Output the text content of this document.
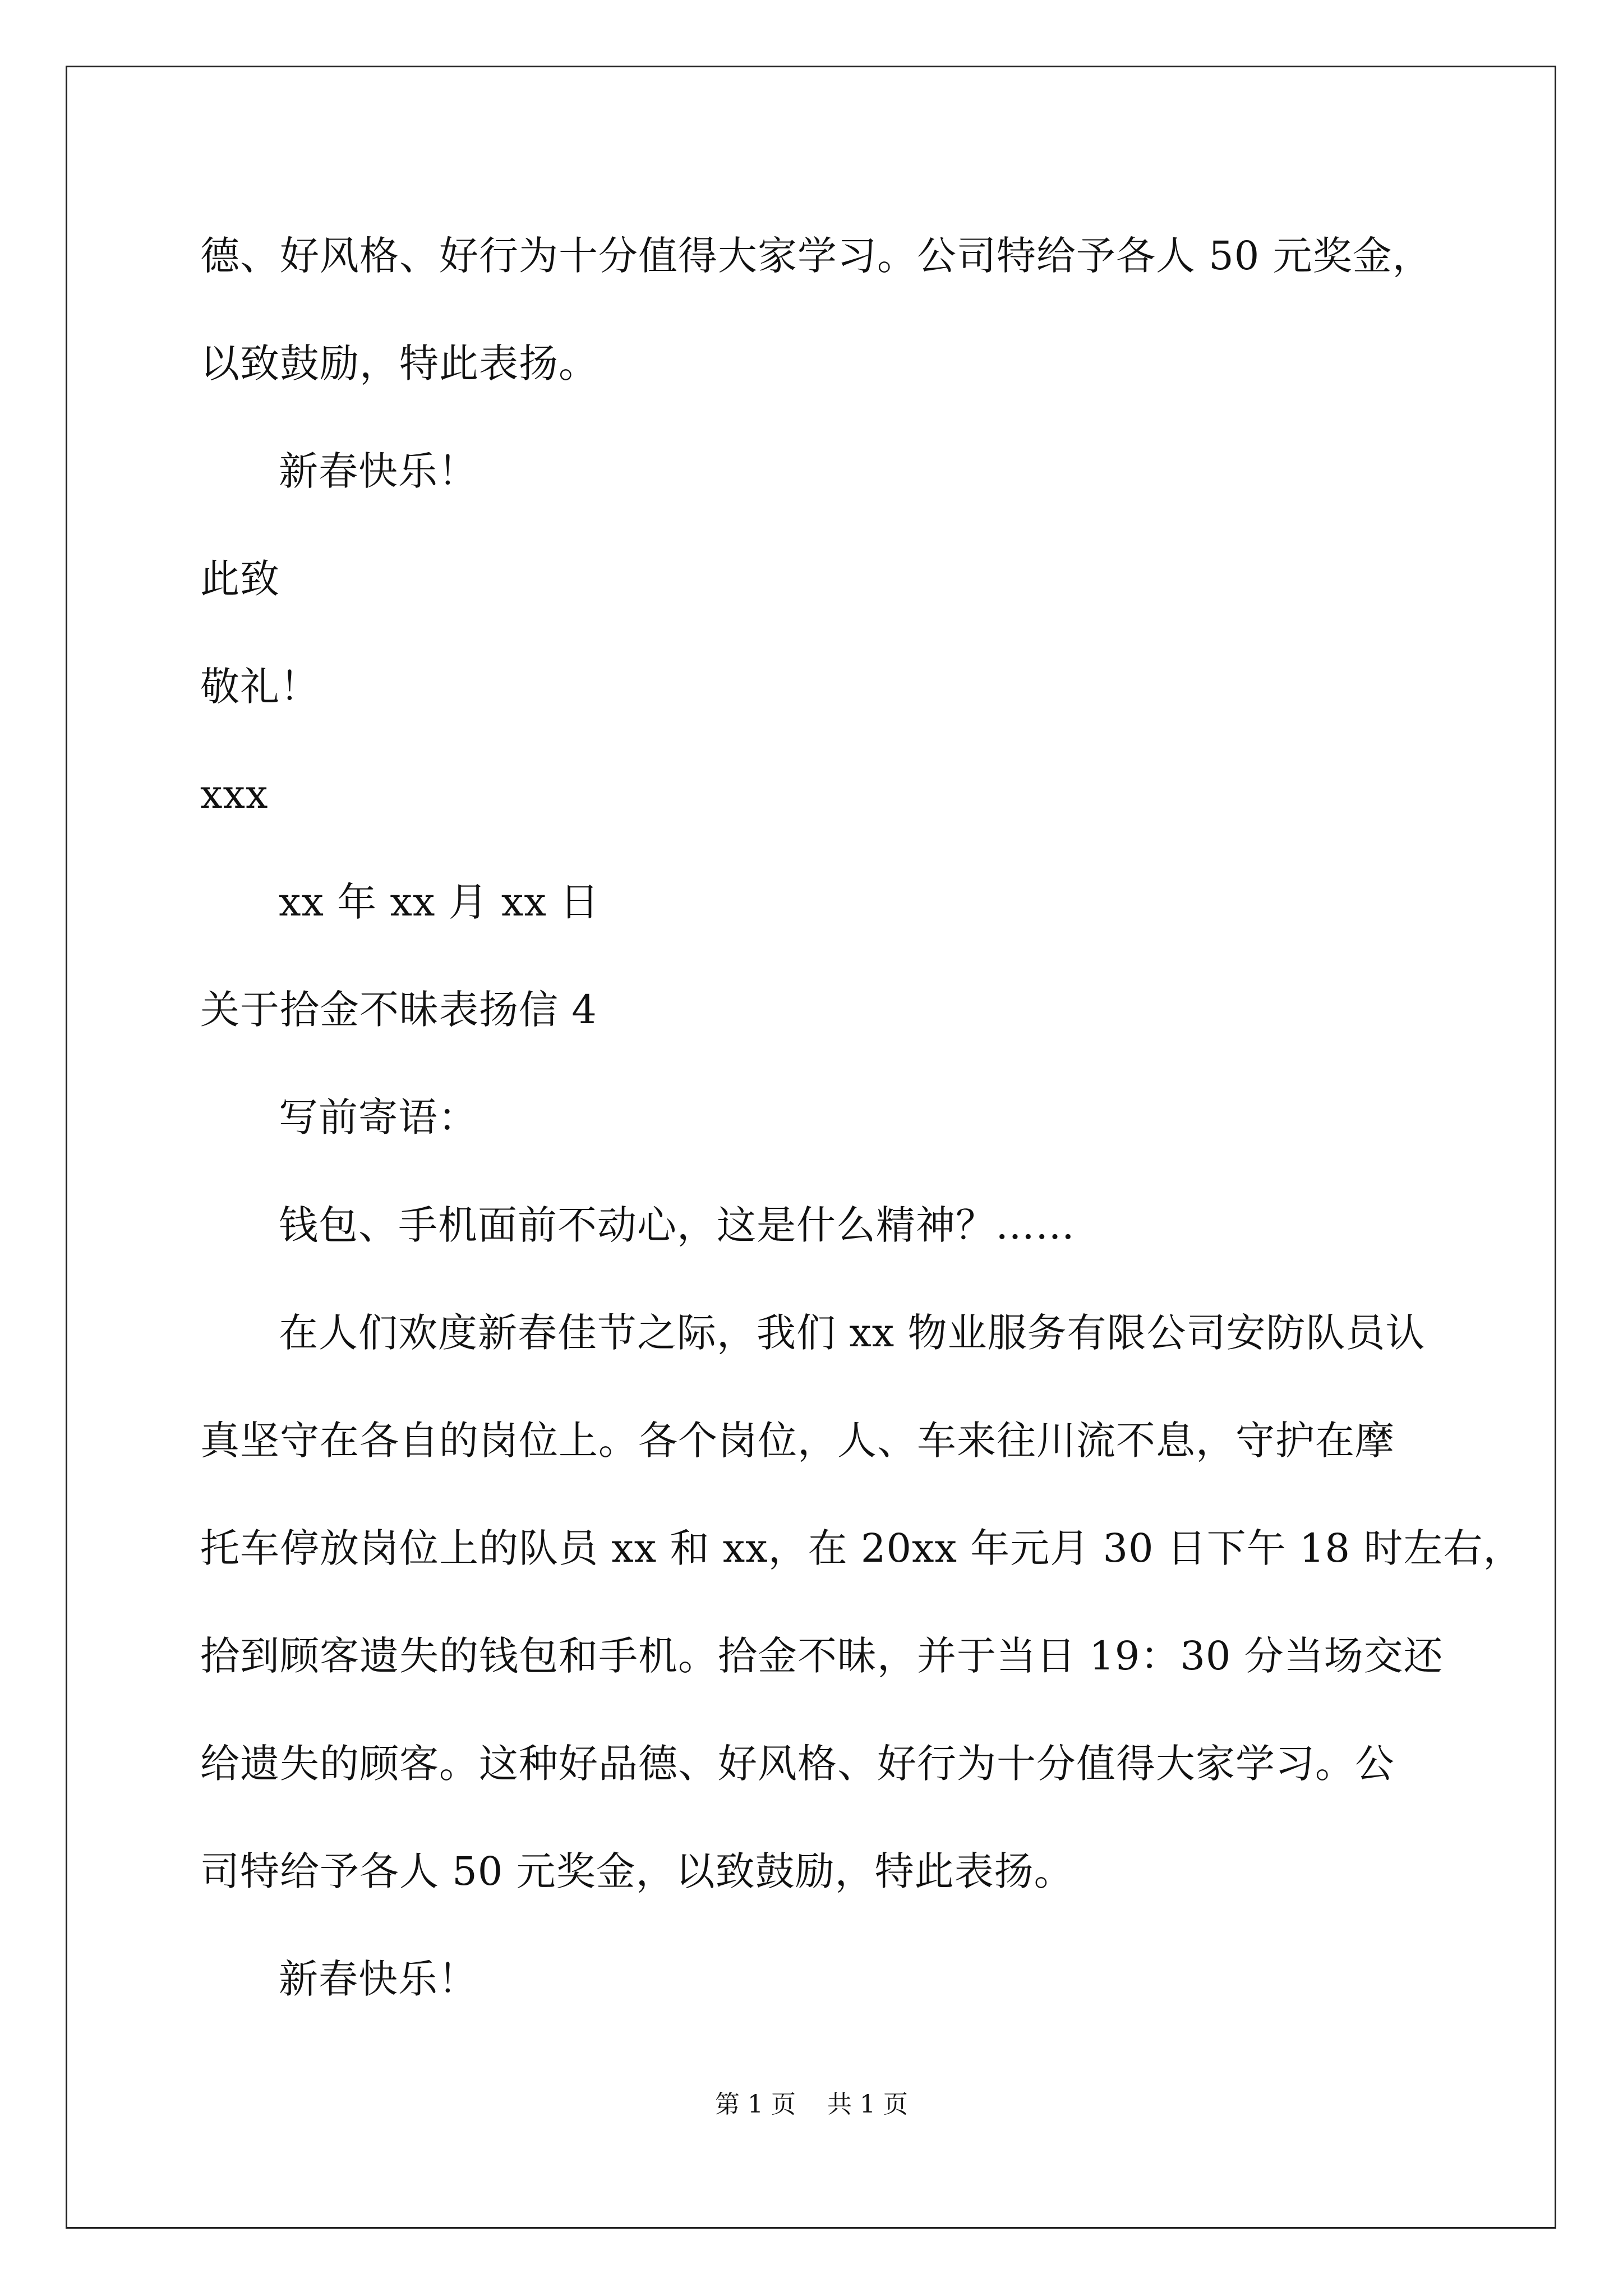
德、好风格、好行为十分值得大家学习。公司特给予各人 50 元奖金，
以致鼓励，特此表扬。
新春快乐！
此致
敬礼！
xxx
xx 年 xx 月 xx 日
关于拾金不昧表扬信 4
写前寄语：
钱包、手机面前不动心，这是什么精神？……
在人们欢度新春佳节之际，我们 xx 物业服务有限公司安防队员认
真坚守在各自的岗位上。各个岗位，人、车来往川流不息，守护在摩
托车停放岗位上的队员 xx 和 xx，在 20xx 年元月 30 日下午 18 时左右，
拾到顾客遗失的钱包和手机。拾金不昧，并于当日 19：30 分当场交还
给遗失的顾客。这种好品德、好风格、好行为十分值得大家学习。公
司特给予各人 50 元奖金，以致鼓励，特此表扬。
新春快乐！
第 1 页    共 1 页
